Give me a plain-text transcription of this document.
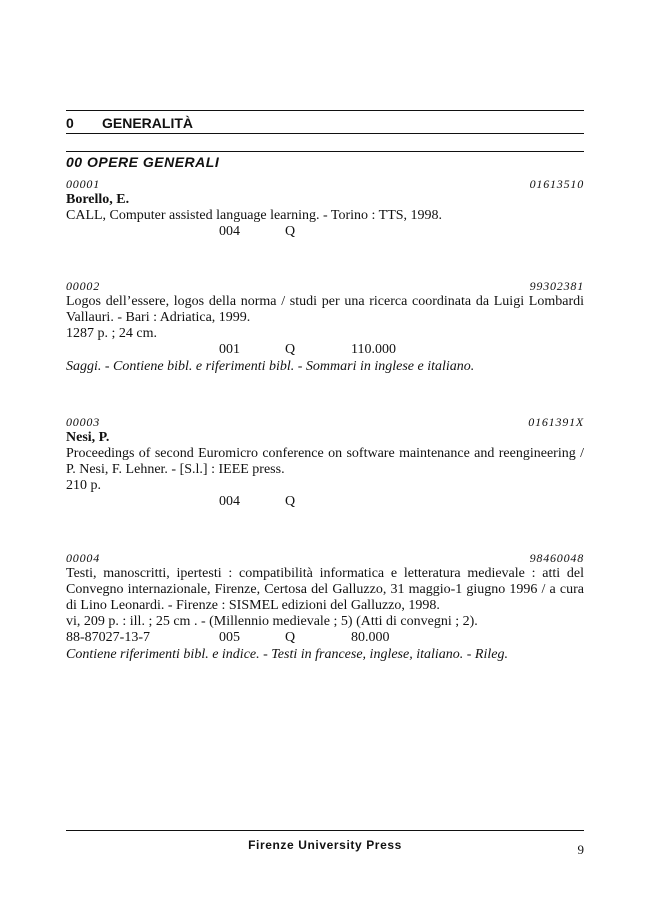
0 GENERALITÀ
00 OPERE GENERALI
00001	01613510
Borello, E.
CALL, Computer assisted language learning. - Torino : TTS, 1998.
004	Q
00002	99302381
Logos dell’essere, logos della norma / studi per una ricerca coordinata da Luigi Lombardi Vallauri. - Bari : Adriatica, 1999.
1287 p. ; 24 cm.
001	Q	110.000
Saggi. - Contiene bibl. e riferimenti bibl. - Sommari in inglese e italiano.
00003	0161391X
Nesi, P.
Proceedings of second Euromicro conference on software maintenance and reengineering / P. Nesi, F. Lehner. - [S.l.] : IEEE press.
210 p.
004	Q
00004	98460048
Testi, manoscritti, ipertesti : compatibilità informatica e letteratura medievale : atti del Convegno internazionale, Firenze, Certosa del Galluzzo, 31 maggio-1 giugno 1996 / a cura di Lino Leonardi. - Firenze : SISMEL edizioni del Galluzzo, 1998.
vi, 209 p. : ill. ; 25 cm . - (Millennio medievale ; 5) (Atti di convegni ; 2).
88-87027-13-7	005	Q	80.000
Contiene riferimenti bibl. e indice. - Testi in francese, inglese, italiano. - Rileg.
Firenze University Press	9
